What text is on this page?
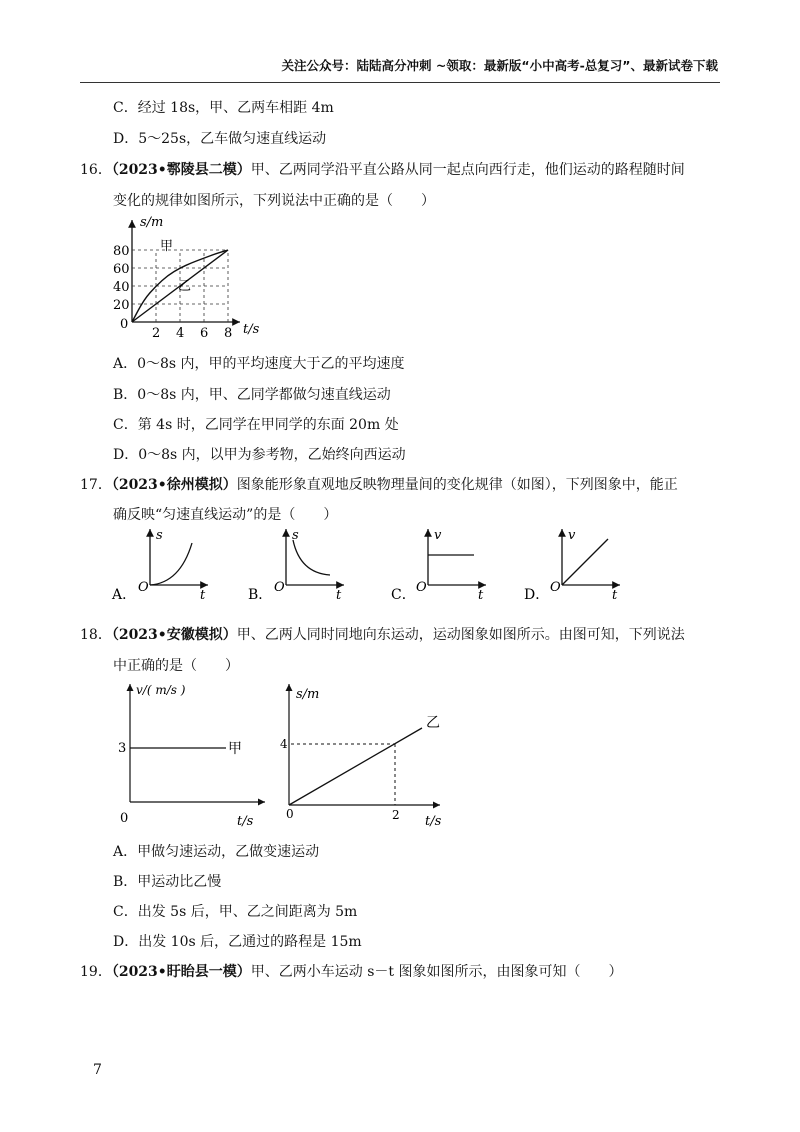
关注公众号：陆陆高分冲刺 ~领取：最新版“小中高考-总复习”、最新试卷下载
C．经过 18s，甲、乙两车相距 4m
D．5～25s，乙车做匀速直线运动
16．（2023•鄠陵县二模）甲、乙两同学沿平直公路从同一起点向西行走，他们运动的路程随时间
变化的规律如图所示，下列说法中正确的是（　　）
s/m
t/s
0
2 4 6 8
20
40
60
80 甲
乙
A．0～8s 内，甲的平均速度大于乙的平均速度
B．0～8s 内，甲、乙同学都做匀速直线运动
C．第 4s 时，乙同学在甲同学的东面 20m 处
D．0～8s 内，以甲为参考物，乙始终向西运动
17．（2023•徐州模拟）图象能形象直观地反映物理量间的变化规律（如图），下列图象中，能正
确反映“匀速直线运动”的是（　　）
A．
s
t
O	B．
s
t
O	C．
v
t
O	D．
v
t
O
18．（2023•安徽模拟）甲、乙两人同时同地向东运动，运动图象如图所示。由图可知，下列说法
中正确的是（　　）
v/( m/s )
t/s
0
3	甲
s/m
t/s
0
4
2
乙
A．甲做匀速运动，乙做变速运动
B．甲运动比乙慢
C．出发 5s 后，甲、乙之间距离为 5m
D．出发 10s 后，乙通过的路程是 15m
19．（2023•盱眙县一模）甲、乙两小车运动 s－t 图象如图所示，由图象可知（　　）
7
